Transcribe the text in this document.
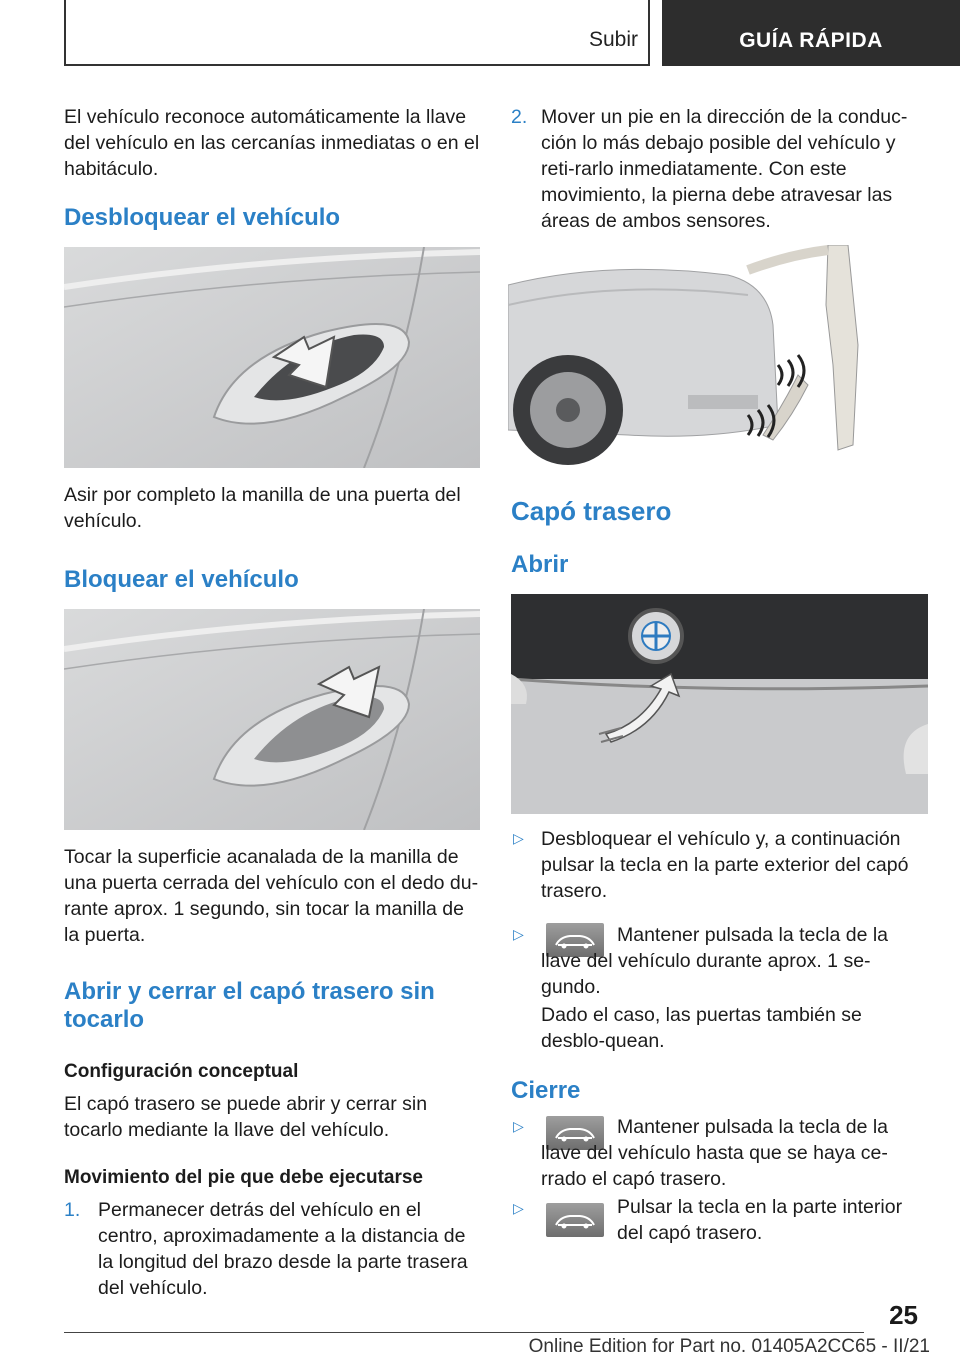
Subir	GUÍA RÁPIDA

El vehículo reconoce automáticamente la llave del vehículo en las cercanías inmediatas o en el habitáculo.

Desbloquear el vehículo

Asir por completo la manilla de una puerta del vehículo.

Bloquear el vehículo

Tocar la superficie acanalada de la manilla de una puerta cerrada del vehículo con el dedo du-rante aprox. 1 segundo, sin tocar la manilla de la puerta.

Abrir y cerrar el capó trasero sin tocarlo
Configuración conceptual

El capó trasero se puede abrir y cerrar sin tocarlo mediante la llave del vehículo.

Movimiento del pie que debe ejecutarse
1. Permanecer detrás del vehículo en el centro, aproximadamente a la distancia de la longitud del brazo desde la parte trasera del vehículo.

2. Mover un pie en la dirección de la conduc-ción lo más debajo posible del vehículo y reti-rarlo inmediatamente. Con este movimiento, la pierna debe atravesar las áreas de ambos sensores.

Capó trasero
Abrir
▷ Desbloquear el vehículo y, a continuación pulsar la tecla en la parte exterior del capó trasero.

▷	Mantener pulsada la tecla de la llave del vehículo durante aprox. 1 se-gundo.

Dado el caso, las puertas también se desblo-quean.

Cierre
▷	Mantener pulsada la tecla de la llave del vehículo hasta que se haya ce-rrado el capó trasero.

▷	Pulsar la tecla en la parte interior del capó trasero.

25
Online Edition for Part no. 01405A2CC65 - II/21
